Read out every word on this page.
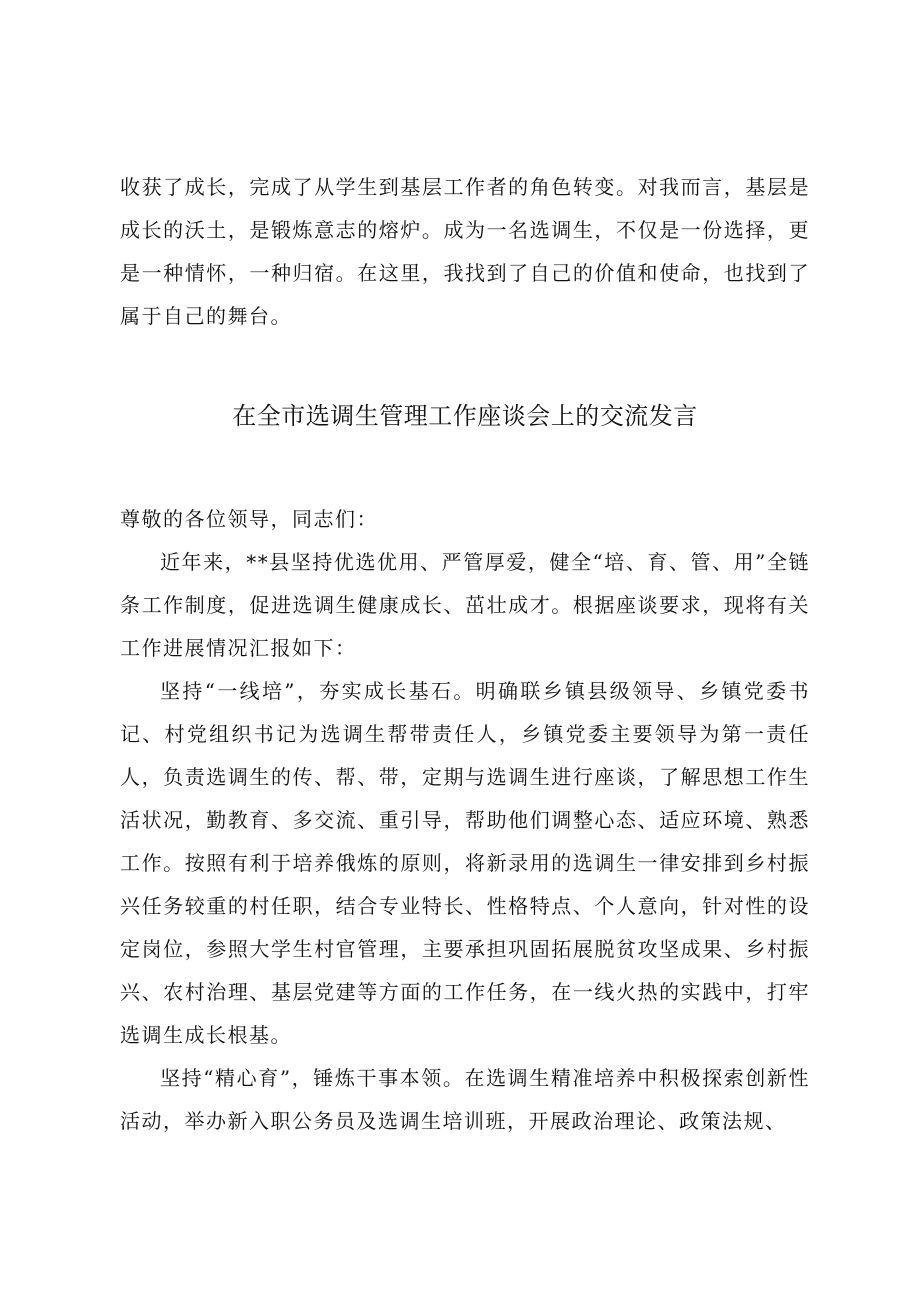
收获了成长，完成了从学生到基层工作者的角色转变。对我而言，基层是成长的沃土，是锻炼意志的熔炉。成为一名选调生，不仅是一份选择，更是一种情怀，一种归宿。在这里，我找到了自己的价值和使命，也找到了属于自己的舞台。

在全市选调生管理工作座谈会上的交流发言

尊敬的各位领导，同志们：

近年来，**县坚持优选优用、严管厚爱，健全“培、育、管、用”全链条工作制度，促进选调生健康成长、茁壮成才。根据座谈要求，现将有关工作进展情况汇报如下：

坚持“一线培”，夯实成长基石。明确联乡镇县级领导、乡镇党委书记、村党组织书记为选调生帮带责任人，乡镇党委主要领导为第一责任人，负责选调生的传、帮、带，定期与选调生进行座谈，了解思想工作生活状况，勤教育、多交流、重引导，帮助他们调整心态、适应环境、熟悉工作。按照有利于培养俄炼的原则，将新录用的选调生一律安排到乡村振兴任务较重的村任职，结合专业特长、性格特点、个人意向，针对性的设定岗位，参照大学生村官管理，主要承担巩固拓展脱贫攻坚成果、乡村振兴、农村治理、基层党建等方面的工作任务，在一线火热的实践中，打牢选调生成长根基。

坚持“精心育”，锤炼干事本领。在选调生精准培养中积极探索创新性活动，举办新入职公务员及选调生培训班，开展政治理论、政策法规、
